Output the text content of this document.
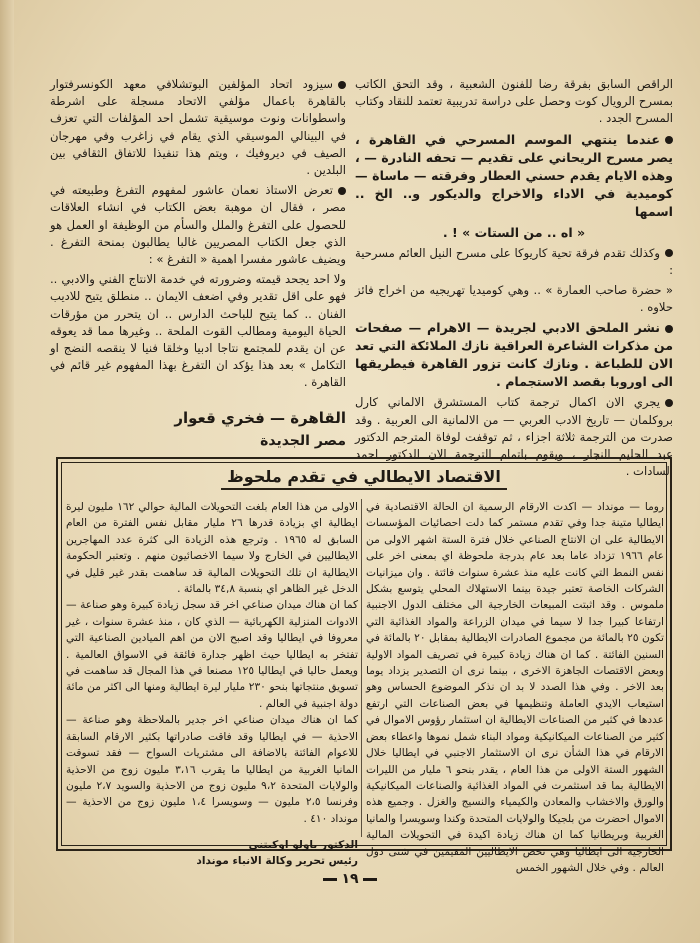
الراقص السابق بفرقة رضا للفنون الشعبية ، وقد التحق الكاتب بمسرح الرويال كوت وحصل على دراسة تدريبية تعتمد للنقاد وكتاب المسرح الجدد .

عندما ينتهي الموسم المسرحي في القاهرة ، يصر مسرح الريحاني على تقديم — تحفه النادرة — ، وهذه الايام يقدم حسني العطار وفرقته — ماساة — كوميدية في الاداء والاخراج والديكور و.. الخ .. اسمها

« اه .. من الستات » ! .

وكذلك تقدم فرقة تحية كاريوكا على مسرح النيل العائم مسرحية :

« حضرة صاحب العمارة » .. وهي كوميديا تهريجيه من اخراج فائز حلاوه .

نشر الملحق الادبي لجريدة — الاهرام — صفحات من مذكرات الشاعرة العراقية نازك الملائكة التي تعد الان للطباعة . ونازك كانت تزور القاهرة فيطريقها الى اوروبا بقصد الاستجمام .

يجري الان اكمال ترجمة كتاب المستشرق الالماني كارل بروكلمان — تاريخ الادب العربي — من الالمانية الى العربية . وقد صدرت من الترجمة ثلاثة اجزاء ، ثم توقفت لوفاة المترجم الدكتور عبد الحليم النجار ، ويقوم باتمام الترجمة الان الدكتور احمد السادات .

سيزود اتحاد المؤلفين البوتشلافي معهد الكونسرفتوار بالقاهرة باعمال مؤلفي الاتحاد مسجلة على اشرطة واسطوانات ونوت موسيقية تشمل احد المؤلفات التي تعزف في البينالي الموسيقي الذي يقام في زاغرب وفي مهرجان الصيف في ديروفيك ، ويتم هذا تنفيذا للاتفاق الثقافي بين البلدين .

تعرض الاستاذ نعمان عاشور لمفهوم التفرغ وطبيعته في مصر ، فقال ان موهبة بعض الكتاب في انشاء العلاقات للحصول على التفرغ والملل والسأم من الوظيفة او العمل هو الذي جعل الكتاب المصريين غالبا يطالبون بمنحة التفرغ . ويضيف عاشور مفسرا اهمية « التفرغ » :

ولا احد يجحد قيمته وضرورته في خدمة الانتاج الفني والادبي .. فهو على اقل تقدير وفي اضعف الايمان .. منطلق يتيح للاديب الفنان .. كما يتيح للباحث الدارس .. ان يتحرر من مؤرقات الحياة اليومية ومطالب القوت الملحة .. وغيرها مما قد يعوقه عن ان يقدم للمجتمع نتاجا ادبيا وخلقا فنيا لا ينقصه النضج او التكامل » بعد هذا يؤكد ان التفرغ بهذا المفهوم غير قائم في القاهرة .

القاهرة — فخري قعوار
مصر الجديدة
الاقتصاد الايطالي في تقدم ملحوظ
روما — مونداد — اكدت الارقام الرسمية ان الحالة الاقتصادية في ايطاليا متينة جدا وفي تقدم مستمر كما دلت احصائيات المؤسسات الايطالية على ان الانتاج الصناعي خلال فترة الستة اشهر الاولى من عام ١٩٦٦ تزداد عاما بعد عام بدرجة ملحوظة اي بمعنى اخر على نفس النمط التي كانت عليه منذ عشرة سنوات فائتة . وان ميزانيات الشركات الخاصة تعتبر جيدة بينما الاستهلاك المحلي يتوسع بشكل ملموس . وقد اثبتت المبيعات الخارجية الى مختلف الدول الاجنبية ارتفاعا كبيرا جدا لا سيما في ميدان الزراعة والمواد الغذائية التي تكون ٢٥ بالمائة من مجموع الصادرات الايطالية بمقابل ٢٠ بالمائة في السنين الفائتة . كما ان هناك زيادة كبيرة في تصريف المواد الاولية وبعض الاقتصات الجاهزة الاخرى ، بينما نرى ان التصدير يزداد يوما بعد الاخر . وفي هذا الصدد لا بد ان نذكر الموضوع الحساس وهو استيعاب الايدي العاملة وتنظيمها في بعض الصناعات التي ارتفع عددها في كثير من الصناعات الايطالية ان استثمار رؤوس الاموال في كثير من الصناعات الميكانيكية ومواد البناء شمل نموها واعطاء بعض الارقام في هذا الشأن نرى ان الاستثمار الاجنبي في ايطاليا خلال الشهور الستة الاولى من هذا العام ، يقدر بنحو ٦ مليار من الليرات الايطالية بما قد استثمرت في المواد الغذائية والصناعات الميكانيكية والورق والاخشاب والمعادن والكيمياء والنسيج والغزل . وجميع هذه الاموال احضرت من بلجيكا والولايات المتحدة وكندا وسويسرا والمانيا الغربية وبريطانيا كما ان هناك زيادة اكيدة في التحويلات المالية الخارجية الى ايطاليا وهي تخص الايطاليين المقيمين في شتى دول العالم . وفي خلال الشهور الخمس
الاولى من هذا العام بلغت التحويلات المالية حوالي ١٦٢ مليون ليرة ايطالية اي بزيادة قدرها ٢٦ مليار مقابل نفس الفترة من العام السابق له ١٩٦٥ . وترجع هذه الزيادة الى كثرة عدد المهاجرين الايطاليين في الخارج ولا سيما الاخصائيون منهم . وتعتبر الحكومة الايطالية ان تلك التحويلات المالية قد ساهمت بقدر غير قليل في الدخل غير الظاهر اي بنسبة ٣٤,٨ بالمائة .
كما ان هناك ميدان صناعي اخر قد سجل زيادة كبيرة وهو صناعة — الادوات المنزلية الكهربائية — الذي كان ، منذ عشرة سنوات ، غير معروفا في ايطاليا وقد اصبح الان من اهم الميادين الصناعية التي تفتخر به ايطاليا حيث اظهر جدارة فائقة في الاسواق العالمية . ويعمل حاليا في ايطاليا ١٢٥ مصنعا في هذا المجال قد ساهمت في تسويق منتجاتها بنحو ٢٣٠ مليار ليرة ايطالية ومنها الى اكثر من مائة دولة اجنبية في العالم .
كما ان هناك ميدان صناعي اخر جدير بالملاحظة وهو صناعة — الاحذية — في ايطاليا وقد فاقت صادراتها بكثير الارقام السابقة للاعوام الفائتة بالاضافة الى مشتريات السواح — فقد تسوقت المانيا الغربية من ايطاليا ما يقرب ٣،١٦ مليون زوج من الاحذية والولايات المتحدة ٩،٢ مليون زوج من الاحذية والسويد ٢،٧ مليون وفرنسا ٢،٥ مليون — وسويسرا ١،٤ مليون زوج من الاحذية — مونداد ٤١٠ .
الدكتور باولو اوكيتني
رئيس تحرير وكالة الانباء مونداد
١٩
